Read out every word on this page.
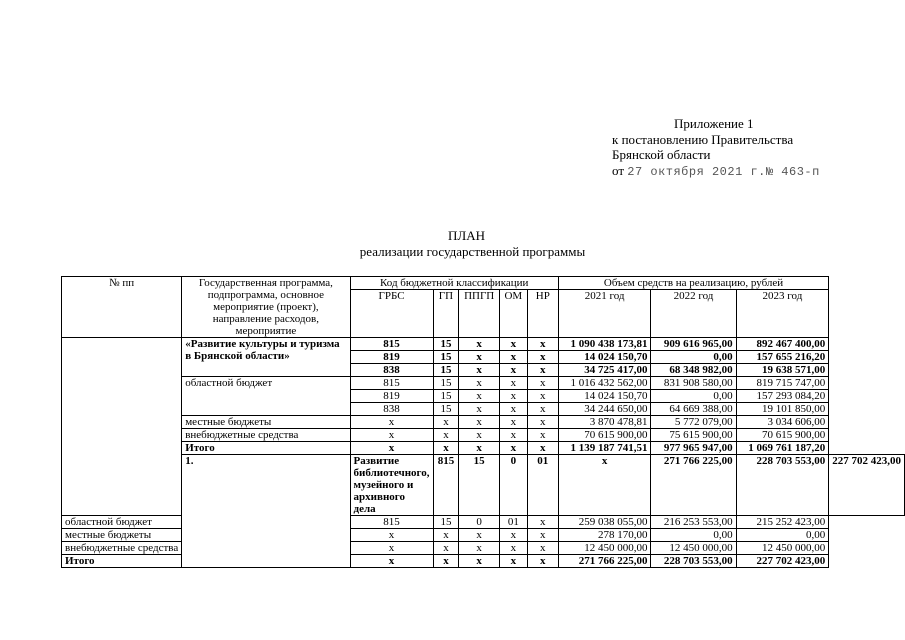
Приложение 1
к постановлению Правительства
Брянской области
от 27 октября 2021 г.№ 463-п
ПЛАН
реализации государственной программы
№ пп	Государственная программа, подпрограмма, основное мероприятие (проект), направление расходов, мероприятие	Код бюджетной классификации					Объем средств на реализацию, рублей			
		ГРБС	ГП	ППГП	ОМ	НР	2021 год	2022 год	2023 год	

	«Развитие культуры и туризма в Брянской области»	815	15	x	x	x	1 090 438 173,81	909 616 965,00	892 467 400,00	
		819	15	x	x	x	14 024 150,70	0,00	157 655 216,20	
		838	15	x	x	x	34 725 417,00	68 348 982,00	19 638 571,00	
	областной бюджет	815	15	x	x	x	1 016 432 562,00	831 908 580,00	819 715 747,00	
		819	15	x	x	x	14 024 150,70	0,00	157 293 084,20	
		838	15	x	x	x	34 244 650,00	64 669 388,00	19 101 850,00	
	местные бюджеты	x	x	x	x	x	3 870 478,81	5 772 079,00	3 034 606,00	
	внебюджетные средства	x	x	x	x	x	70 615 900,00	75 615 900,00	70 615 900,00	
	Итого	x	x	x	x	x	1 139 187 741,51	977 965 947,00	1 069 761 187,20	
	1.	Развитие библиотечного, музейного и архивного дела	815	15	0	01	x	271 766 225,00	228 703 553,00	227 702 423,00
областной бюджет		815	15	0	01	x	259 038 055,00	216 253 553,00	215 252 423,00	
местные бюджеты		x	x	x	x	x	278 170,00	0,00	0,00	
внебюджетные средства		x	x	x	x	x	12 450 000,00	12 450 000,00	12 450 000,00	
Итого		x	x	x	x	x	271 766 225,00	228 703 553,00	227 702 423,00	
